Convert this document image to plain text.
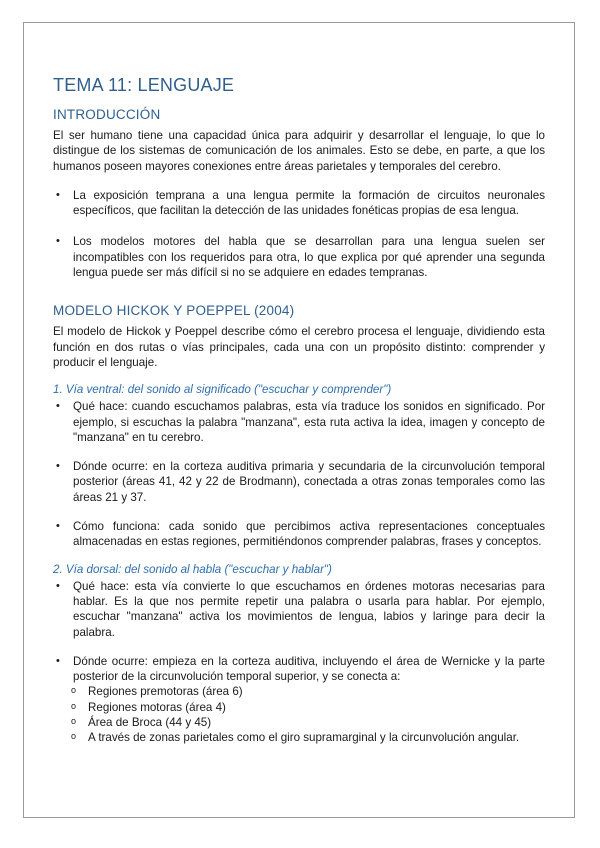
TEMA 11: LENGUAJE
INTRODUCCIÓN

El ser humano tiene una capacidad única para adquirir y desarrollar el lenguaje, lo que lo distingue de los sistemas de comunicación de los animales. Esto se debe, en parte, a que los humanos poseen mayores conexiones entre áreas parietales y temporales del cerebro.

• La exposición temprana a una lengua permite la formación de circuitos neuronales específicos, que facilitan la detección de las unidades fonéticas propias de esa lengua.
• Los modelos motores del habla que se desarrollan para una lengua suelen ser incompatibles con los requeridos para otra, lo que explica por qué aprender una segunda lengua puede ser más difícil si no se adquiere en edades tempranas.
MODELO HICKOK Y POEPPEL (2004)

El modelo de Hickok y Poeppel describe cómo el cerebro procesa el lenguaje, dividiendo esta función en dos rutas o vías principales, cada una con un propósito distinto: comprender y producir el lenguaje.

1. Vía ventral: del sonido al significado ("escuchar y comprender")
• Qué hace: cuando escuchamos palabras, esta vía traduce los sonidos en significado. Por ejemplo, si escuchas la palabra "manzana", esta ruta activa la idea, imagen y concepto de "manzana" en tu cerebro.
• Dónde ocurre: en la corteza auditiva primaria y secundaria de la circunvolución temporal posterior (áreas 41, 42 y 22 de Brodmann), conectada a otras zonas temporales como las áreas 21 y 37.
• Cómo funciona: cada sonido que percibimos activa representaciones conceptuales almacenadas en estas regiones, permitiéndonos comprender palabras, frases y conceptos.
2. Vía dorsal: del sonido al habla ("escuchar y hablar")
• Qué hace: esta vía convierte lo que escuchamos en órdenes motoras necesarias para hablar. Es la que nos permite repetir una palabra o usarla para hablar. Por ejemplo, escuchar "manzana" activa los movimientos de lengua, labios y laringe para decir la palabra.
• Dónde ocurre: empieza en la corteza auditiva, incluyendo el área de Wernicke y la parte posterior de la circunvolución temporal superior, y se conecta a:
o Regiones premotoras (área 6)
o Regiones motoras (área 4)
o Área de Broca (44 y 45)
o A través de zonas parietales como el giro supramarginal y la circunvolución angular.
